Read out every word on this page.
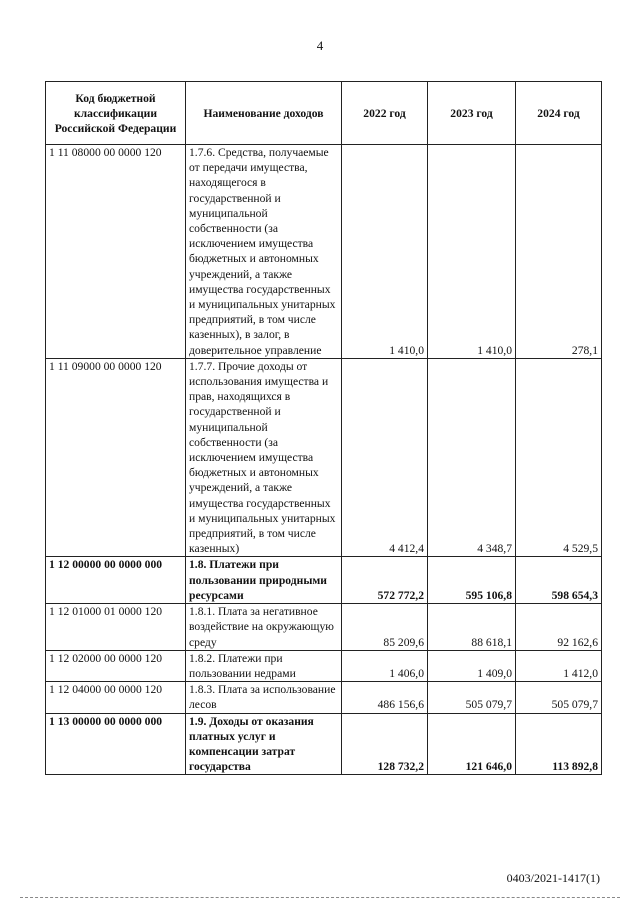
4
Код бюджетной классификации Российской Федерации	Наименование доходов	2022 год	2023 год	2024 год
1 11 08000 00 0000 120	1.7.6. Средства, получаемые от передачи имущества, находящегося в государственной и муниципальной собственности (за исключением имущества бюджетных и автономных учреждений, а также имущества государственных и муниципальных унитарных предприятий, в том числе казенных), в залог, в доверительное управление	1 410,0	1 410,0	278,1
1 11 09000 00 0000 120	1.7.7. Прочие доходы от использования имущества и прав, находящихся в государственной и муниципальной собственности (за исключением имущества бюджетных и автономных учреждений, а также имущества государственных и муниципальных унитарных предприятий, в том числе казенных)	4 412,4	4 348,7	4 529,5
1 12 00000 00 0000 000	1.8. Платежи при пользовании природными ресурсами	572 772,2	595 106,8	598 654,3
1 12 01000 01 0000 120	1.8.1. Плата за негативное воздействие на окружающую среду	85 209,6	88 618,1	92 162,6
1 12 02000 00 0000 120	1.8.2. Платежи при пользовании недрами	1 406,0	1 409,0	1 412,0
1 12 04000 00 0000 120	1.8.3. Плата за использование лесов	486 156,6	505 079,7	505 079,7
1 13 00000 00 0000 000	1.9. Доходы от оказания платных услуг и компенсации затрат государства	128 732,2	121 646,0	113 892,8
0403/2021-1417(1)
